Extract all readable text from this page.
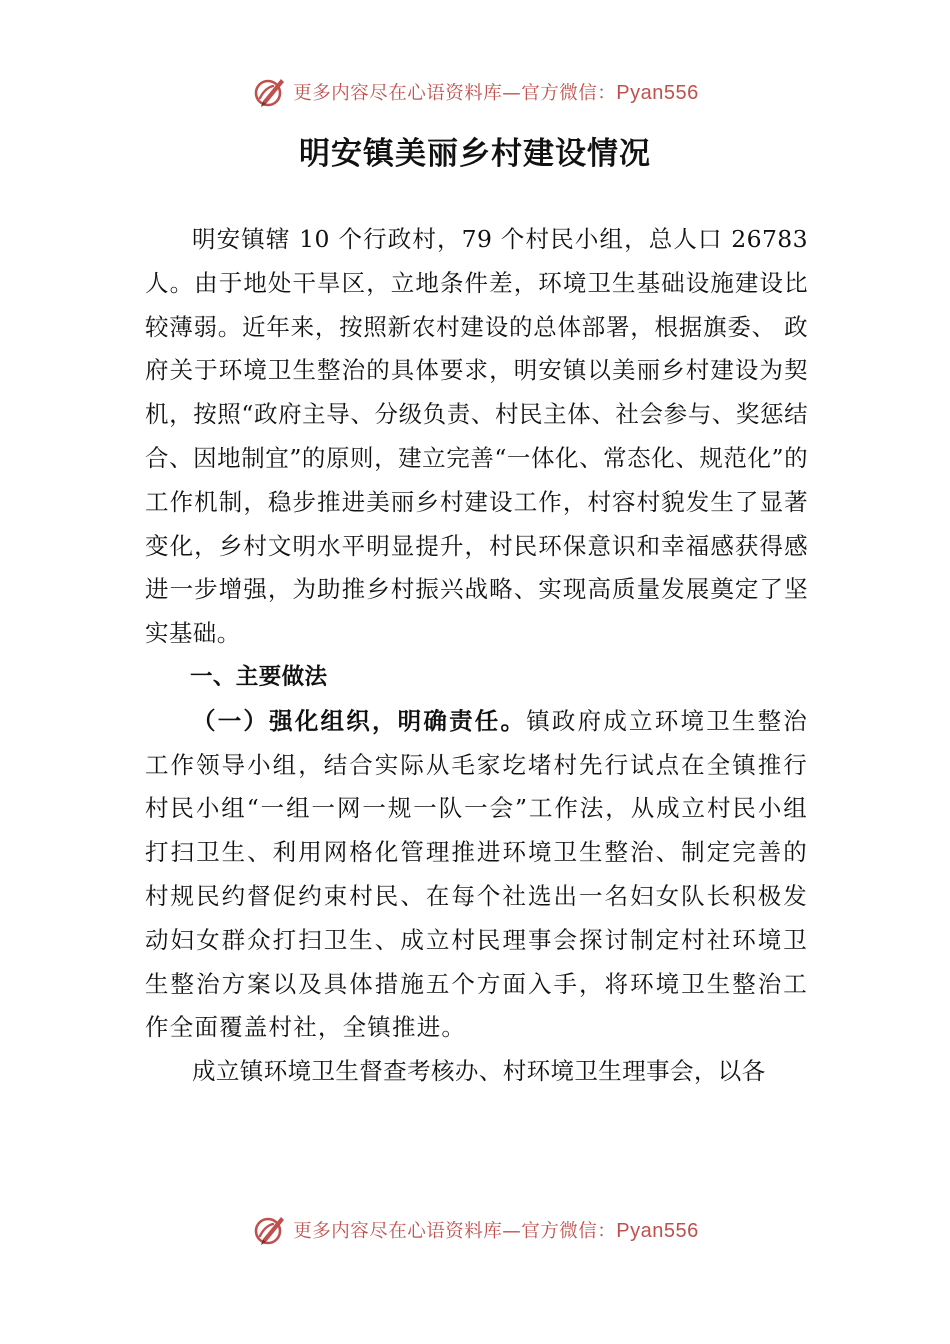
更多内容尽在心语资料库—官方微信：Pyan556
明安镇美丽乡村建设情况

明安镇辖 10 个行政村，79 个村民小组，总人口 26783 人。由于地处干旱区，立地条件差，环境卫生基础设施建设比较薄弱。近年来，按照新农村建设的总体部署，根据旗委、 政府关于环境卫生整治的具体要求，明安镇以美丽乡村建设为契机，按照“政府主导、分级负责、村民主体、社会参与、奖惩结合、因地制宜”的原则，建立完善“一体化、常态化、规范化”的工作机制，稳步推进美丽乡村建设工作，村容村貌发生了显著变化，乡村文明水平明显提升，村民环保意识和幸福感获得感进一步增强，为助推乡村振兴战略、实现高质量发展奠定了坚实基础。

一、主要做法

（一）强化组织，明确责任。镇政府成立环境卫生整治工作领导小组，结合实际从毛家圪堵村先行试点在全镇推行村民小组“一组一网一规一队一会”工作法，从成立村民小组打扫卫生、利用网格化管理推进环境卫生整治、制定完善的村规民约督促约束村民、在每个社选出一名妇女队长积极发动妇女群众打扫卫生、成立村民理事会探讨制定村社环境卫生整治方案以及具体措施五个方面入手，将环境卫生整治工作全面覆盖村社，全镇推进。

成立镇环境卫生督查考核办、村环境卫生理事会，以各

更多内容尽在心语资料库—官方微信：Pyan556
